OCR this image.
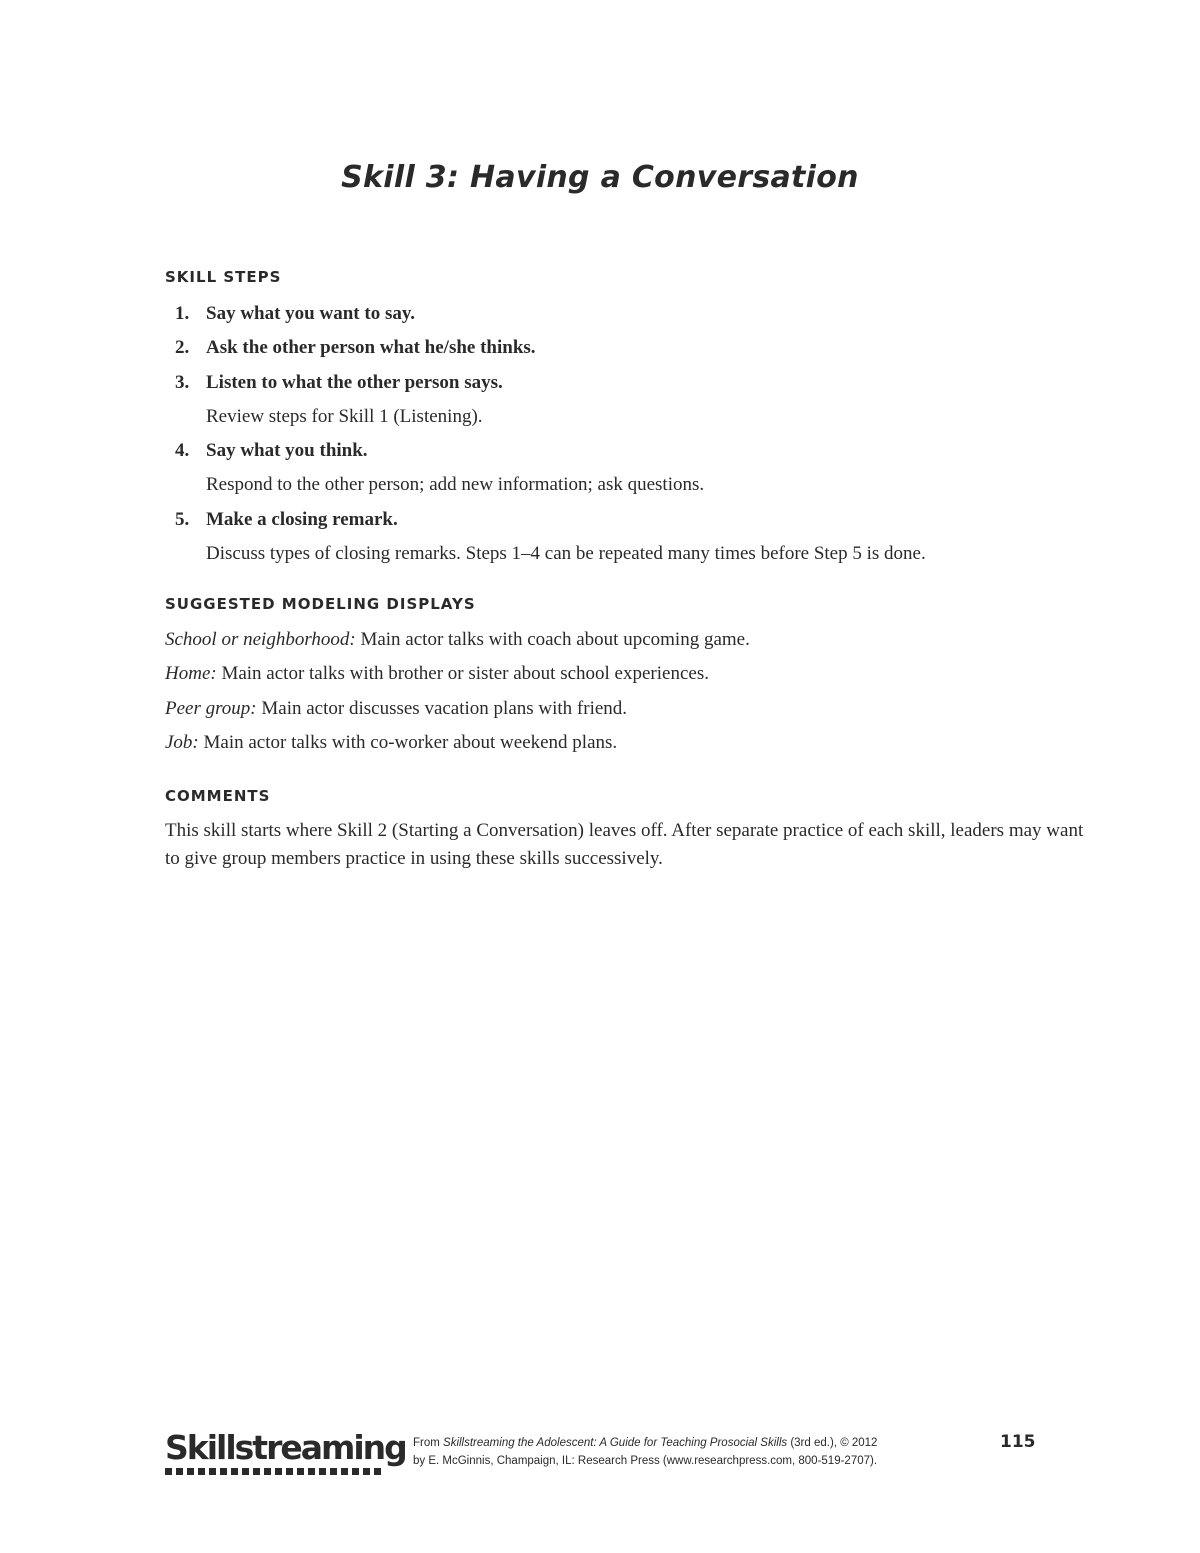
Skill 3: Having a Conversation
SKILL STEPS
1. Say what you want to say.
2. Ask the other person what he/she thinks.
3. Listen to what the other person says.
Review steps for Skill 1 (Listening).
4. Say what you think.
Respond to the other person; add new information; ask questions.
5. Make a closing remark.
Discuss types of closing remarks. Steps 1–4 can be repeated many times before Step 5 is done.
SUGGESTED MODELING DISPLAYS
School or neighborhood: Main actor talks with coach about upcoming game.
Home: Main actor talks with brother or sister about school experiences.
Peer group: Main actor discusses vacation plans with friend.
Job: Main actor talks with co-worker about weekend plans.
COMMENTS

This skill starts where Skill 2 (Starting a Conversation) leaves off. After separate practice of each skill, leaders may want to give group members practice in using these skills successively.

Skillstreaming From Skillstreaming the Adolescent: A Guide for Teaching Prosocial Skills (3rd ed.), © 2012
by E. McGinnis, Champaign, IL: Research Press (www.researchpress.com, 800-519-2707).
115
